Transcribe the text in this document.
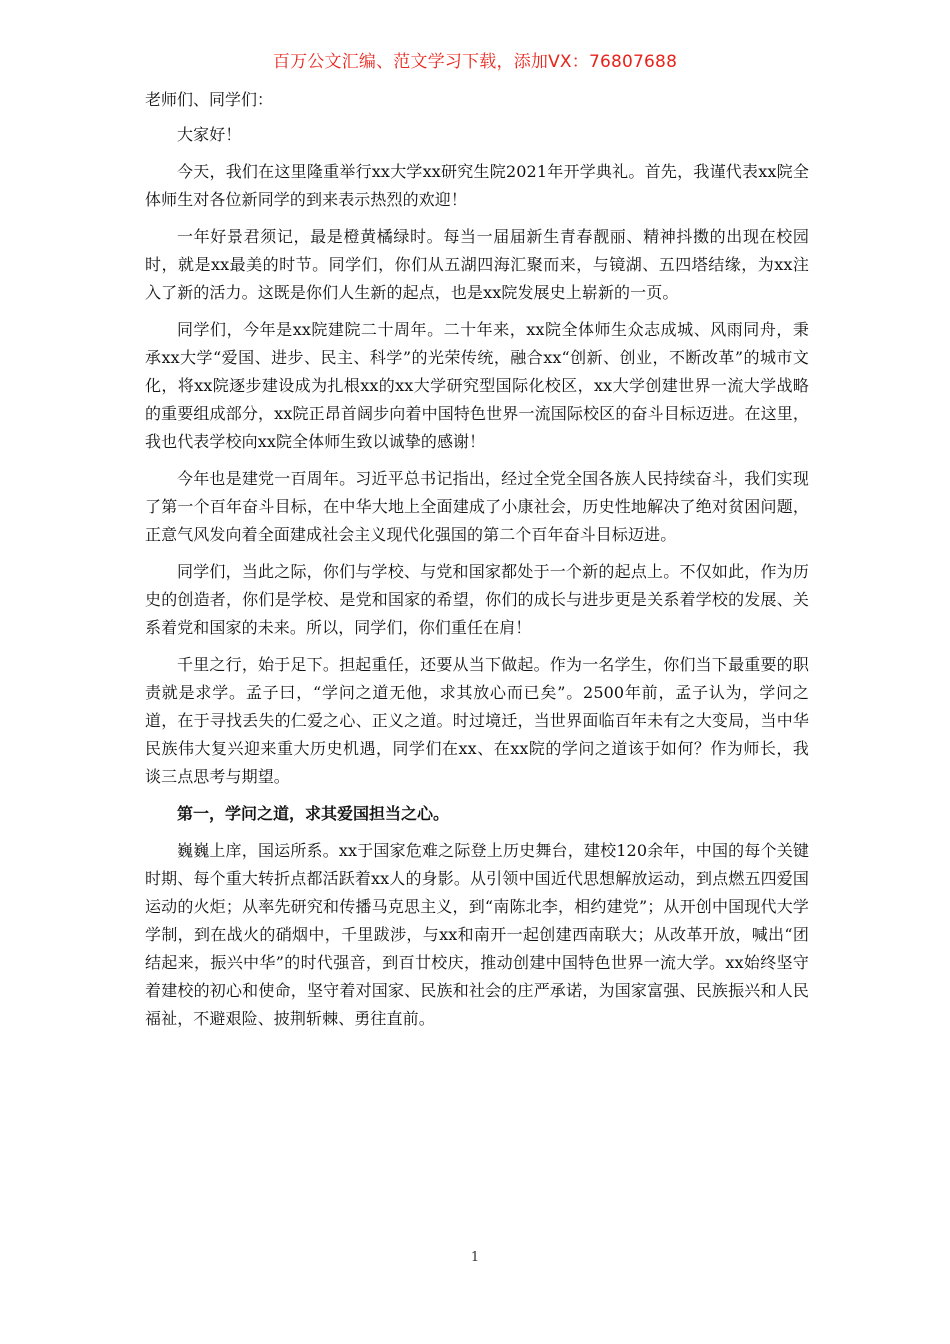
百万公文汇编、范文学习下载，添加VX：76807688
老师们、同学们：

大家好！

今天，我们在这里隆重举行xx大学xx研究生院2021年开学典礼。首先，我谨代表xx院全体师生对各位新同学的到来表示热烈的欢迎！

一年好景君须记，最是橙黄橘绿时。每当一届届新生青春靓丽、精神抖擞的出现在校园时，就是xx最美的时节。同学们，你们从五湖四海汇聚而来，与镜湖、五四塔结缘，为xx注入了新的活力。这既是你们人生新的起点，也是xx院发展史上崭新的一页。

同学们，今年是xx院建院二十周年。二十年来，xx院全体师生众志成城、风雨同舟，秉承xx大学“爱国、进步、民主、科学”的光荣传统，融合xx“创新、创业，不断改革”的城市文化，将xx院逐步建设成为扎根xx的xx大学研究型国际化校区，xx大学创建世界一流大学战略的重要组成部分，xx院正昂首阔步向着中国特色世界一流国际校区的奋斗目标迈进。在这里，我也代表学校向xx院全体师生致以诚挚的感谢！

今年也是建党一百周年。习近平总书记指出，经过全党全国各族人民持续奋斗，我们实现了第一个百年奋斗目标，在中华大地上全面建成了小康社会，历史性地解决了绝对贫困问题，正意气风发向着全面建成社会主义现代化强国的第二个百年奋斗目标迈进。

同学们，当此之际，你们与学校、与党和国家都处于一个新的起点上。不仅如此，作为历史的创造者，你们是学校、是党和国家的希望，你们的成长与进步更是关系着学校的发展、关系着党和国家的未来。所以，同学们，你们重任在肩！

千里之行，始于足下。担起重任，还要从当下做起。作为一名学生，你们当下最重要的职责就是求学。孟子曰，“学问之道无他，求其放心而已矣”。2500年前，孟子认为，学问之道，在于寻找丢失的仁爱之心、正义之道。时过境迁，当世界面临百年未有之大变局，当中华民族伟大复兴迎来重大历史机遇，同学们在xx、在xx院的学问之道该于如何？作为师长，我谈三点思考与期望。

第一，学问之道，求其爱国担当之心。

巍巍上庠，国运所系。xx于国家危难之际登上历史舞台，建校120余年，中国的每个关键时期、每个重大转折点都活跃着xx人的身影。从引领中国近代思想解放运动，到点燃五四爱国运动的火炬；从率先研究和传播马克思主义，到“南陈北李，相约建党”；从开创中国现代大学学制，到在战火的硝烟中，千里跋涉，与xx和南开一起创建西南联大；从改革开放，喊出“团结起来，振兴中华”的时代强音，到百廿校庆，推动创建中国特色世界一流大学。xx始终坚守着建校的初心和使命，坚守着对国家、民族和社会的庄严承诺，为国家富强、民族振兴和人民福祉，不避艰险、披荆斩棘、勇往直前。

1
